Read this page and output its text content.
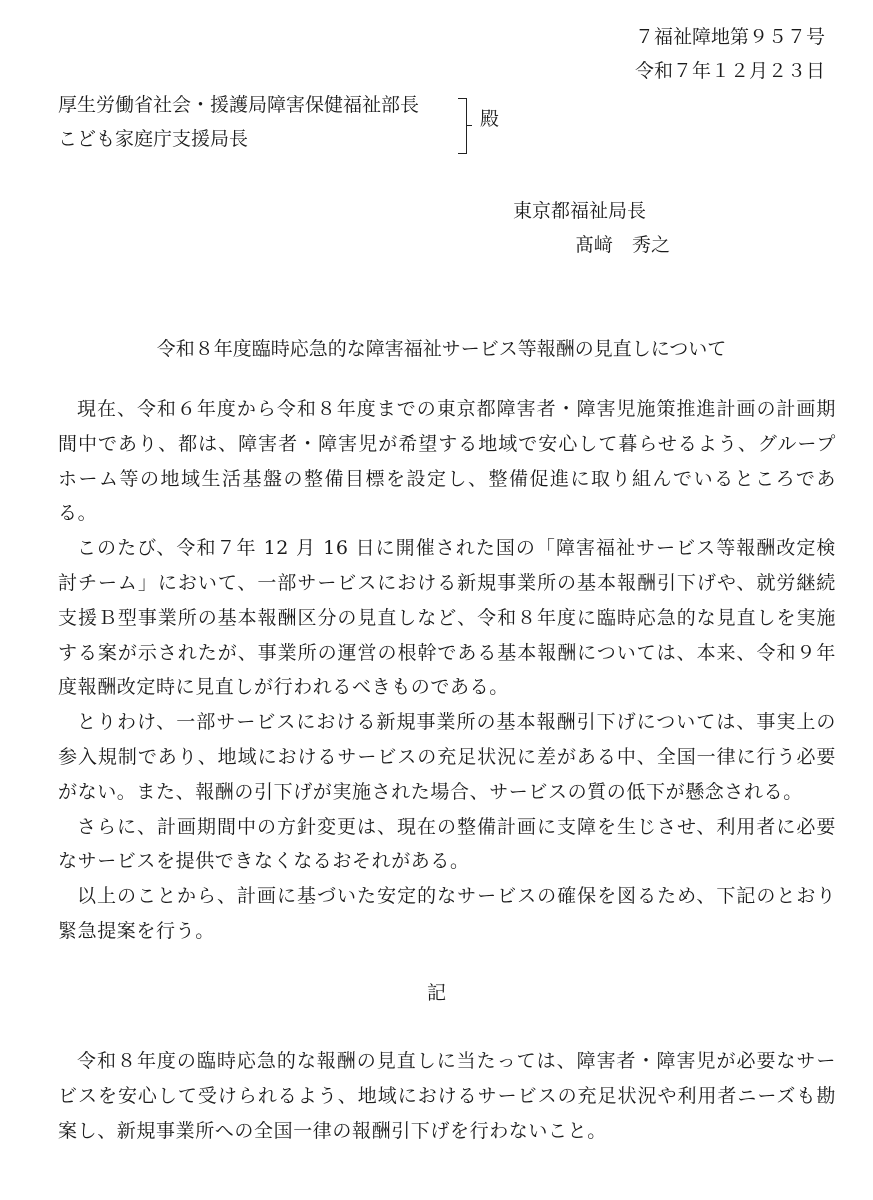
７福祉障地第９５７号
令和７年１２月２３日
厚生労働省社会・援護局障害保健福祉部長
こども家庭庁支援局長
殿
東京都福祉局長
髙﨑　秀之
令和８年度臨時応急的な障害福祉サービス等報酬の見直しについて

現在、令和６年度から令和８年度までの東京都障害者・障害児施策推進計画の計画期間中であり、都は、障害者・障害児が希望する地域で安心して暮らせるよう、グループホーム等の地域生活基盤の整備目標を設定し、整備促進に取り組んでいるところである。

このたび、令和７年 12 月 16 日に開催された国の「障害福祉サービス等報酬改定検討チーム」において、一部サービスにおける新規事業所の基本報酬引下げや、就労継続支援Ｂ型事業所の基本報酬区分の見直しなど、令和８年度に臨時応急的な見直しを実施する案が示されたが、事業所の運営の根幹である基本報酬については、本来、令和９年度報酬改定時に見直しが行われるべきものである。

とりわけ、一部サービスにおける新規事業所の基本報酬引下げについては、事実上の参入規制であり、地域におけるサービスの充足状況に差がある中、全国一律に行う必要がない。また、報酬の引下げが実施された場合、サービスの質の低下が懸念される。

さらに、計画期間中の方針変更は、現在の整備計画に支障を生じさせ、利用者に必要なサービスを提供できなくなるおそれがある。

以上のことから、計画に基づいた安定的なサービスの確保を図るため、下記のとおり緊急提案を行う。

記

令和８年度の臨時応急的な報酬の見直しに当たっては、障害者・障害児が必要なサービスを安心して受けられるよう、地域におけるサービスの充足状況や利用者ニーズも勘案し、新規事業所への全国一律の報酬引下げを行わないこと。
